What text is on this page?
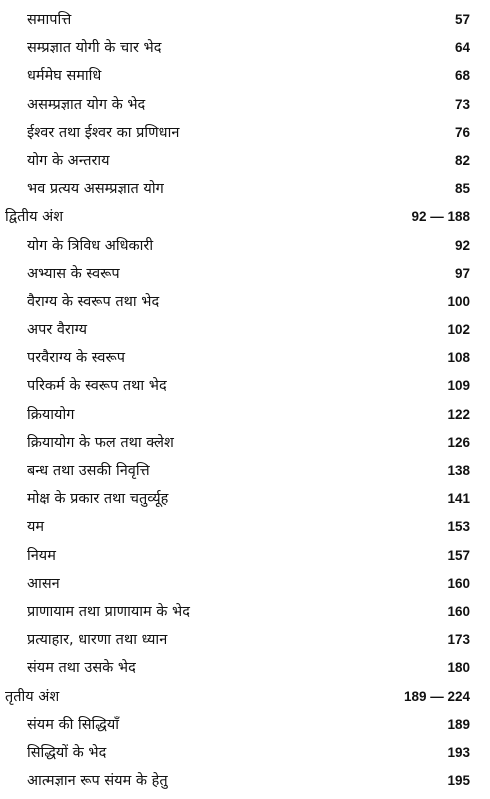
समापत्ति	57
सम्प्रज्ञात योगी के चार भेद	64
धर्ममेघ समाधि	68
असम्प्रज्ञात योग के भेद	73
ईश्वर तथा ईश्वर का प्रणिधान	76
योग के अन्तराय	82
भव प्रत्यय असम्प्रज्ञात योग	85
द्वितीय अंश	92 — 188
योग के त्रिविध अधिकारी	92
अभ्यास के स्वरूप	97
वैराग्य के स्वरूप तथा भेद	100
अपर वैराग्य	102
परवैराग्य के स्वरूप	108
परिकर्म के स्वरूप तथा भेद	109
क्रियायोग	122
क्रियायोग के फल तथा क्लेश	126
बन्ध तथा उसकी निवृत्ति	138
मोक्ष के प्रकार तथा चतुर्व्यूह	141
यम	153
नियम	157
आसन	160
प्राणायाम तथा प्राणायाम के भेद	160
प्रत्याहार, धारणा तथा ध्यान	173
संयम तथा उसके भेद	180
तृतीय अंश	189 — 224
संयम की सिद्धियाँ	189
सिद्धियों के भेद	193
आत्मज्ञान रूप संयम के हेतु	195
